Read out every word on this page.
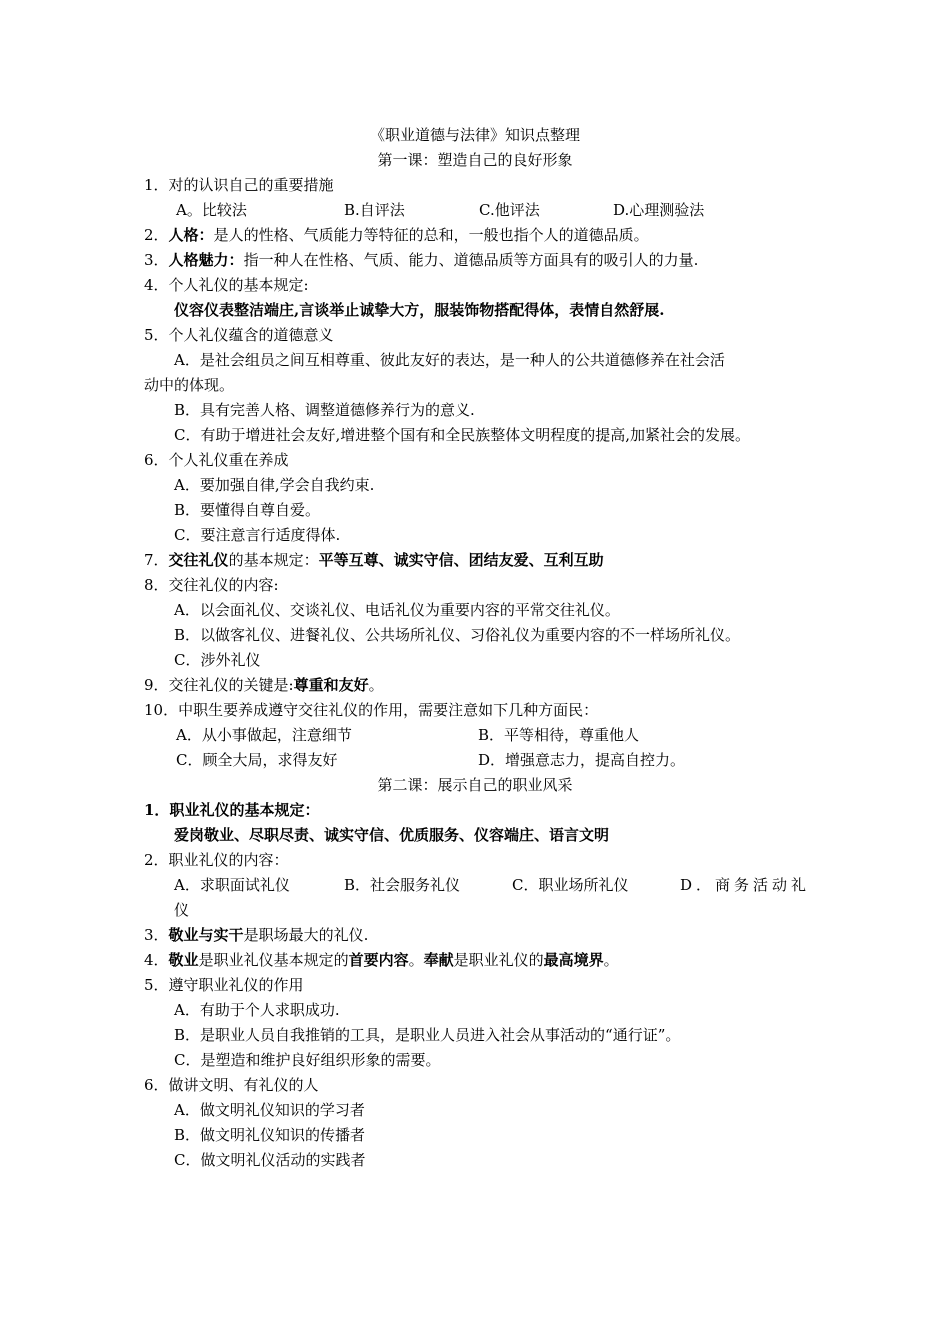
《职业道德与法律》知识点整理
第一课：塑造自己的良好形象
1．对的认识自己的重要措施
A。比较法	B.自评法	C.他评法	D.心理测验法
2．人格：是人的性格、气质能力等特征的总和，一般也指个人的道德品质。
3．人格魅力：指一种人在性格、气质、能力、道德品质等方面具有的吸引人的力量.
4．个人礼仪的基本规定:
仪容仪表整洁端庄,言谈举止诚挚大方，服装饰物搭配得体，表情自然舒展.
5．个人礼仪蕴含的道德意义
A．是社会组员之间互相尊重、彼此友好的表达，是一种人的公共道德修养在社会活
动中的体现。
B．具有完善人格、调整道德修养行为的意义.
C．有助于增进社会友好,增进整个国有和全民族整体文明程度的提高,加紧社会的发展。
6．个人礼仪重在养成
A．要加强自律,学会自我约束.
B．要懂得自尊自爱。
C．要注意言行适度得体.
7．交往礼仪的基本规定：平等互尊、诚实守信、团结友爱、互利互助
8．交往礼仪的内容:
A．以会面礼仪、交谈礼仪、电话礼仪为重要内容的平常交往礼仪。
B．以做客礼仪、进餐礼仪、公共场所礼仪、习俗礼仪为重要内容的不一样场所礼仪。
C．涉外礼仪
9．交往礼仪的关键是:尊重和友好。
10．中职生要养成遵守交往礼仪的作用，需要注意如下几种方面民：
A．从小事做起，注意细节	B．平等相待，尊重他人
C．顾全大局，求得友好	D．增强意志力，提高自控力。
第二课：展示自己的职业风采
1．职业礼仪的基本规定：
爱岗敬业、尽职尽责、诚实守信、优质服务、仪容端庄、语言文明
2．职业礼仪的内容：
A．求职面试礼仪	B．社会服务礼仪	C．职业场所礼仪	D．商务活动礼
仪
3．敬业与实干是职场最大的礼仪.
4．敬业是职业礼仪基本规定的首要内容。奉献是职业礼仪的最高境界。
5．遵守职业礼仪的作用
A．有助于个人求职成功.
B．是职业人员自我推销的工具，是职业人员进入社会从事活动的“通行证”。
C．是塑造和维护良好组织形象的需要。
6．做讲文明、有礼仪的人
A．做文明礼仪知识的学习者
B．做文明礼仪知识的传播者
C．做文明礼仪活动的实践者
